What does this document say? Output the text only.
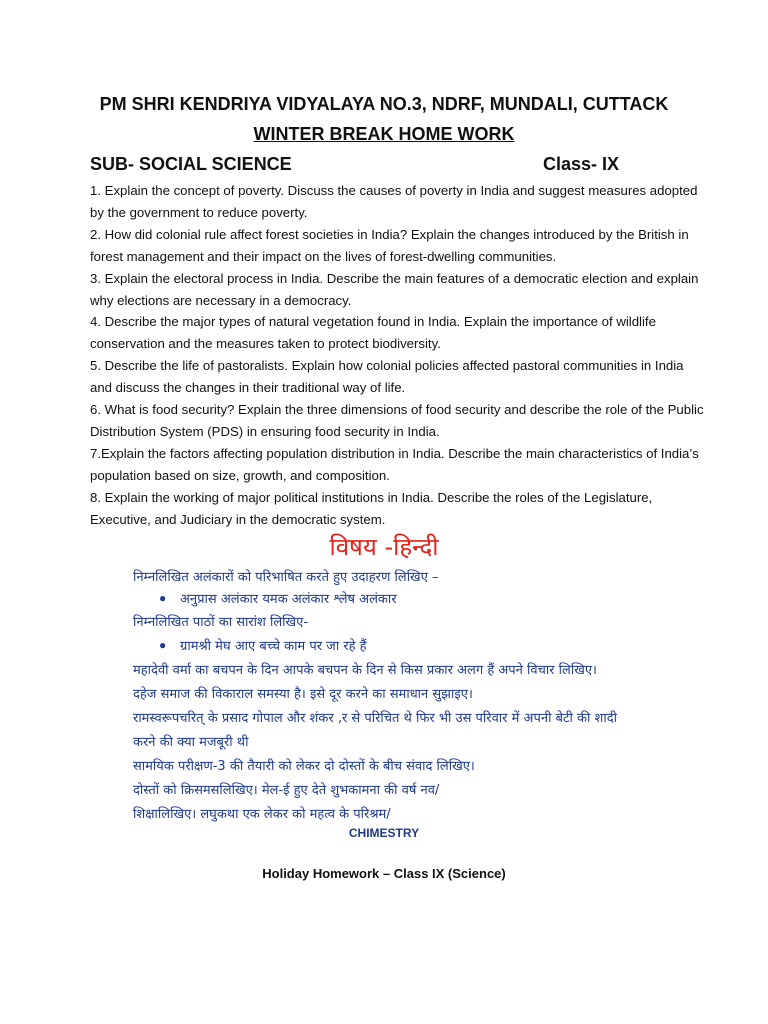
PM SHRI KENDRIYA VIDYALAYA NO.3, NDRF, MUNDALI, CUTTACK
WINTER BREAK HOME WORK
SUB- SOCIAL SCIENCE	Class- IX
1. Explain the concept of poverty. Discuss the causes of poverty in India and suggest measures adopted by the government to reduce poverty.
2. How did colonial rule affect forest societies in India? Explain the changes introduced by the British in forest management and their impact on the lives of forest-dwelling communities.
3. Explain the electoral process in India. Describe the main features of a democratic election and explain why elections are necessary in a democracy.
4. Describe the major types of natural vegetation found in India. Explain the importance of wildlife conservation and the measures taken to protect biodiversity.
5. Describe the life of pastoralists. Explain how colonial policies affected pastoral communities in India and discuss the changes in their traditional way of life.
6. What is food security? Explain the three dimensions of food security and describe the role of the Public Distribution System (PDS) in ensuring food security in India.
7.Explain the factors affecting population distribution in India. Describe the main characteristics of India’s population based on size, growth, and composition.
8. Explain the working of major political institutions in India. Describe the roles of the Legislature, Executive, and Judiciary in the democratic system.
विषय -हिन्दी
निम्नलिखित अलंकारों को परिभाषित करते हुए उदाहरण लिखिए –
● अनुप्रास अलंकार यमक अलंकार श्लेष अलंकार
निम्नलिखित पाठों का सारांश लिखिए-
● ग्रामश्री मेघ आए बच्चे काम पर जा रहे हैं
महादेवी वर्मा का बचपन के दिन आपके बचपन के दिन से किस प्रकार अलग हैं अपने विचार लिखिए।
दहेज समाज की विकाराल समस्या है। इसे दूर करने का समाधान सुझाइए।
रामस्वरूपचरित् के प्रसाद गोपाल और शंकर ,र से परिचित थे फिर भी उस परिवार में अपनी बेटी की शादी
करने की क्या मजबूरी थी
सामयिक परीक्षण-3 की तैयारी को लेकर दो दोस्तों के बीच संवाद लिखिए।
दोस्तों को क्रिसमसलिखिए। मेल-ई हुए देते शुभकामना की वर्ष नव/
शिक्षालिखिए। लघुकथा एक लेकर को महत्व के परिश्रम/
CHIMESTRY
Holiday Homework – Class IX (Science)
